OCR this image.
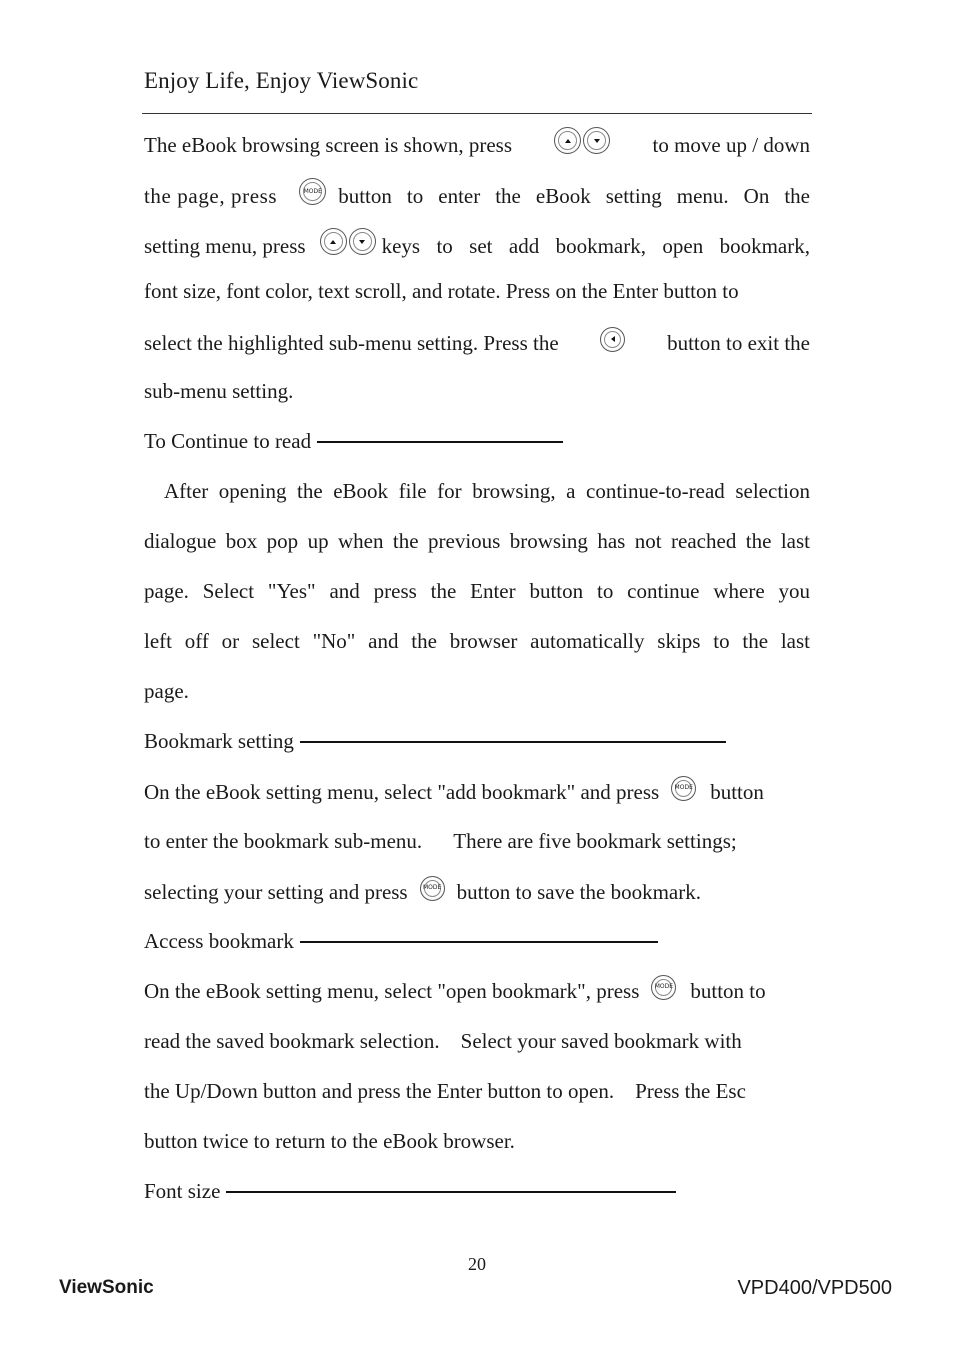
Enjoy Life, Enjoy ViewSonic
The eBook browsing screen is shown, press	to move up / down
the page, press	MODE button to enter the eBook setting menu. On the
setting menu, press	keys to set add bookmark, open bookmark,
font size, font color, text scroll, and rotate. Press on the Enter button to
select the highlighted sub-menu setting. Press the	button to exit the
sub-menu setting.
To Continue to read
After opening the eBook file for browsing, a continue-to-read selection
dialogue box pop up when the previous browsing has not reached the last
page. Select "Yes" and press the Enter button to continue where you
left off or select "No" and the browser automatically skips to the last
page.
Bookmark setting
On the eBook setting menu, select "add bookmark" and press	MODE button
to enter the bookmark sub-menu.      There are five bookmark settings;
selecting your setting and press	MODE button to save the bookmark.
Access bookmark
On the eBook setting menu, select "open bookmark", press	MODE button to
read the saved bookmark selection.    Select your saved bookmark with
the Up/Down button and press the Enter button to open.    Press the Esc
button twice to return to the eBook browser.
Font size
20
ViewSonic	VPD400/VPD500
